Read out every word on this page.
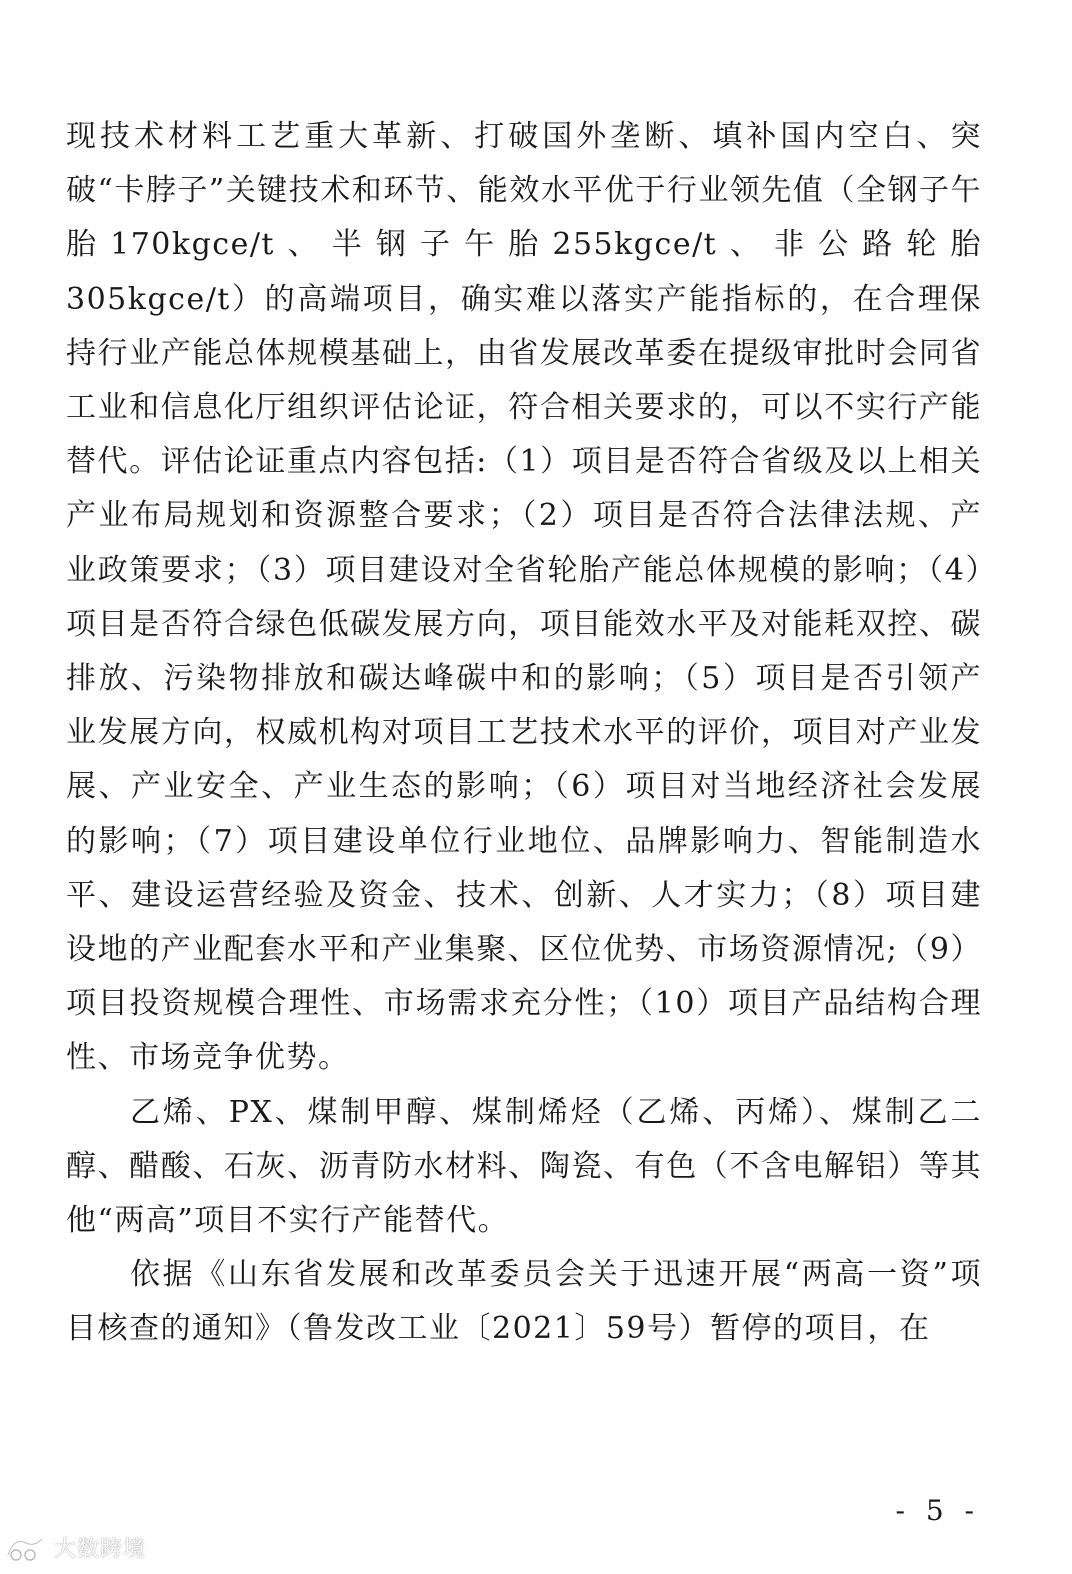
现技术材料工艺重大革新、打破国外垄断、填补国内空白、突破“卡脖子”关键技术和环节、能效水平优于行业领先值（全钢子午胎170kgce/t、半钢子午胎255kgce/t、非公路轮胎305kgce/t）的高端项目，确实难以落实产能指标的，在合理保持行业产能总体规模基础上，由省发展改革委在提级审批时会同省工业和信息化厅组织评估论证，符合相关要求的，可以不实行产能替代。评估论证重点内容包括:（1）项目是否符合省级及以上相关产业布局规划和资源整合要求；（2）项目是否符合法律法规、产业政策要求；（3）项目建设对全省轮胎产能总体规模的影响；（4）项目是否符合绿色低碳发展方向，项目能效水平及对能耗双控、碳排放、污染物排放和碳达峰碳中和的影响；（5）项目是否引领产业发展方向，权威机构对项目工艺技术水平的评价，项目对产业发展、产业安全、产业生态的影响；（6）项目对当地经济社会发展的影响；（7）项目建设单位行业地位、品牌影响力、智能制造水平、建设运营经验及资金、技术、创新、人才实力；（8）项目建设地的产业配套水平和产业集聚、区位优势、市场资源情况;（9）项目投资规模合理性、市场需求充分性；（10）项目产品结构合理性、市场竞争优势。

乙烯、PX、煤制甲醇、煤制烯烃（乙烯、丙烯）、煤制乙二醇、醋酸、石灰、沥青防水材料、陶瓷、有色（不含电解铝）等其他“两高”项目不实行产能替代。

依据《山东省发展和改革委员会关于迅速开展“两高一资”项目核查的通知》（鲁发改工业〔2021〕59号）暂停的项目，在

- 5 -
大数跨境
